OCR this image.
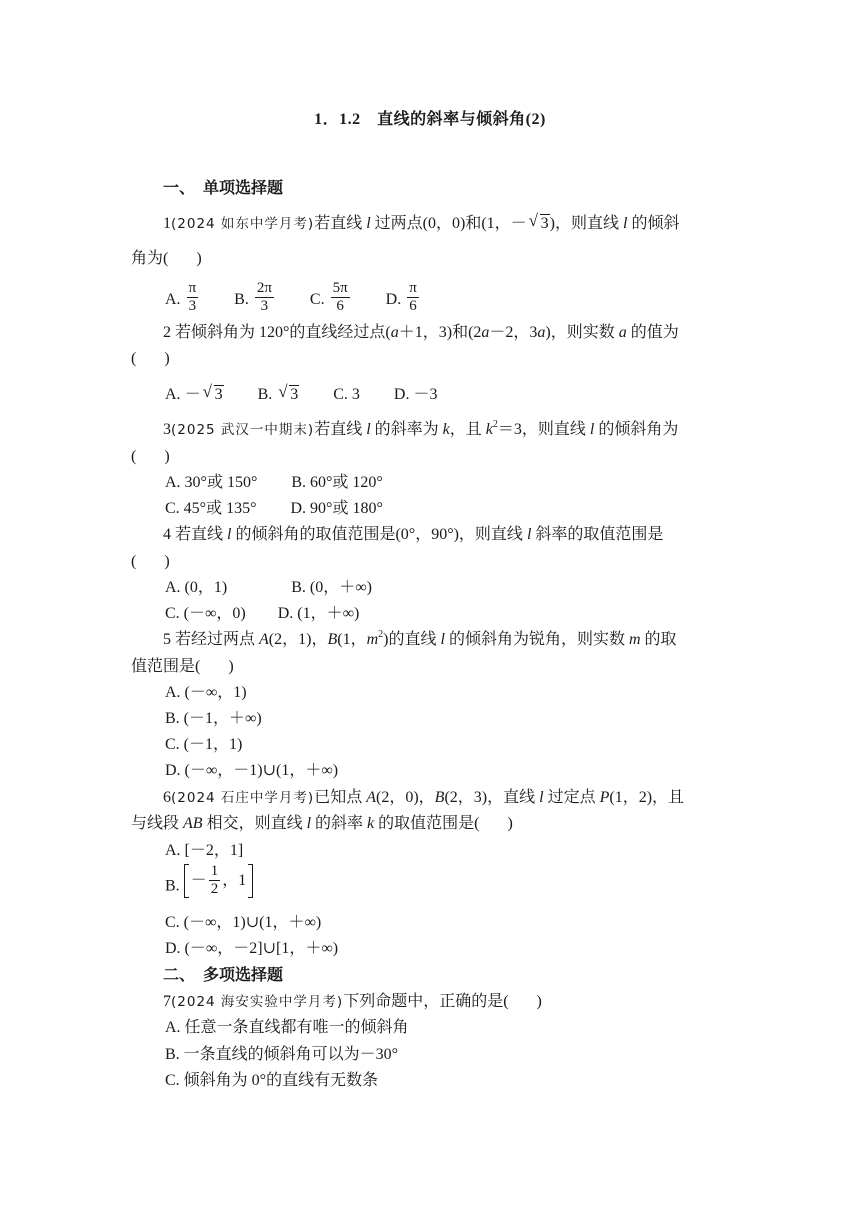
1．1.2　直线的斜率与倾斜角(2)
一、　单项选择题
1(2024 如东中学月考)若直线 l 过两点(0，0)和(1，－ √ 3)，则直线 l 的倾斜
角为( )
A. $\frac{\pi}{3} B$. $\frac{2\pi}{3} C$. $\frac{5\pi}{6} D$. $\frac{\pi}{6}$
2 若倾斜角为 120°的直线经过点(a＋1，3)和(2a－2，3a)，则实数 a 的值为
( )
A. － √ 3 B. √ 3 C. 3 D. －3
3(2025 武汉一中期末)若直线 l 的斜率为 k，且 $k^2=3$，则直线 l 的倾斜角为
( )
A. 30°或 150° B. 60°或 120°
C. 45°或 135° D. 90°或 180°
4 若直线 l 的倾斜角的取值范围是(0°，90°)，则直线 l 斜率的取值范围是
( )
A. (0，1)	B. (0，＋∞)
C. (－∞，0) D. (1，＋∞)
5 若经过两点 A(2，1)，B(1，$m^2$)的直线 l 的倾斜角为锐角，则实数 m 的取
值范围是( )
A. (－∞，1)
B. (－1，＋∞)
C. (－1，1)
D. (－∞，－1)∪(1，＋∞)
6(2024 石庄中学月考)已知点 A(2，0)，B(2，3)，直线 l 过定点 P(1，2)，且
与线段 AB 相交，则直线 l 的斜率 k 的取值范围是( )
A. [－2，1]
B. － $\frac{1}{2}$ ，1
C. (－∞，1)∪(1，＋∞)
D. (－∞，－2]∪[1，＋∞)
二、　多项选择题
7(2024 海安实验中学月考)下列命题中，正确的是( )
A. 任意一条直线都有唯一的倾斜角
B. 一条直线的倾斜角可以为－30°
C. 倾斜角为 0°的直线有无数条
